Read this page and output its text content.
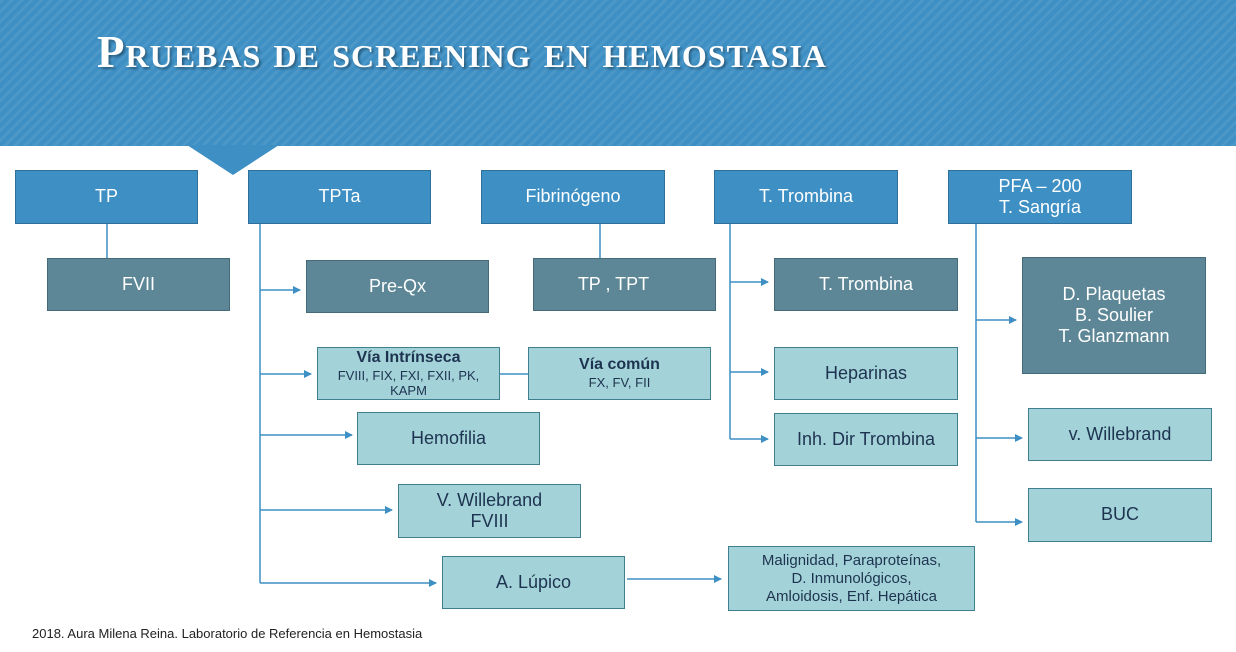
Pruebas de screening en hemostasia
TP	TPTa	Fibrinógeno	T. Trombina
PFA – 200
T. Sangría
FVII	Pre-Qx
Vía Intrínseca
FVIII, FIX, FXI, FXII, PK, KAPM
Vía común
FX, FV, FII
Hemofilia
V. Willebrand
FVIII
A. Lúpico
Malignidad, Paraproteínas,
D. Inmunológicos,
Amloidosis, Enf. Hepática
TP , TPT	T. Trombina
Heparinas
Inh. Dir Trombina
D. Plaquetas
B. Soulier
T. Glanzmann
v. Willebrand
BUC
2018. Aura Milena Reina. Laboratorio de Referencia en Hemostasia
